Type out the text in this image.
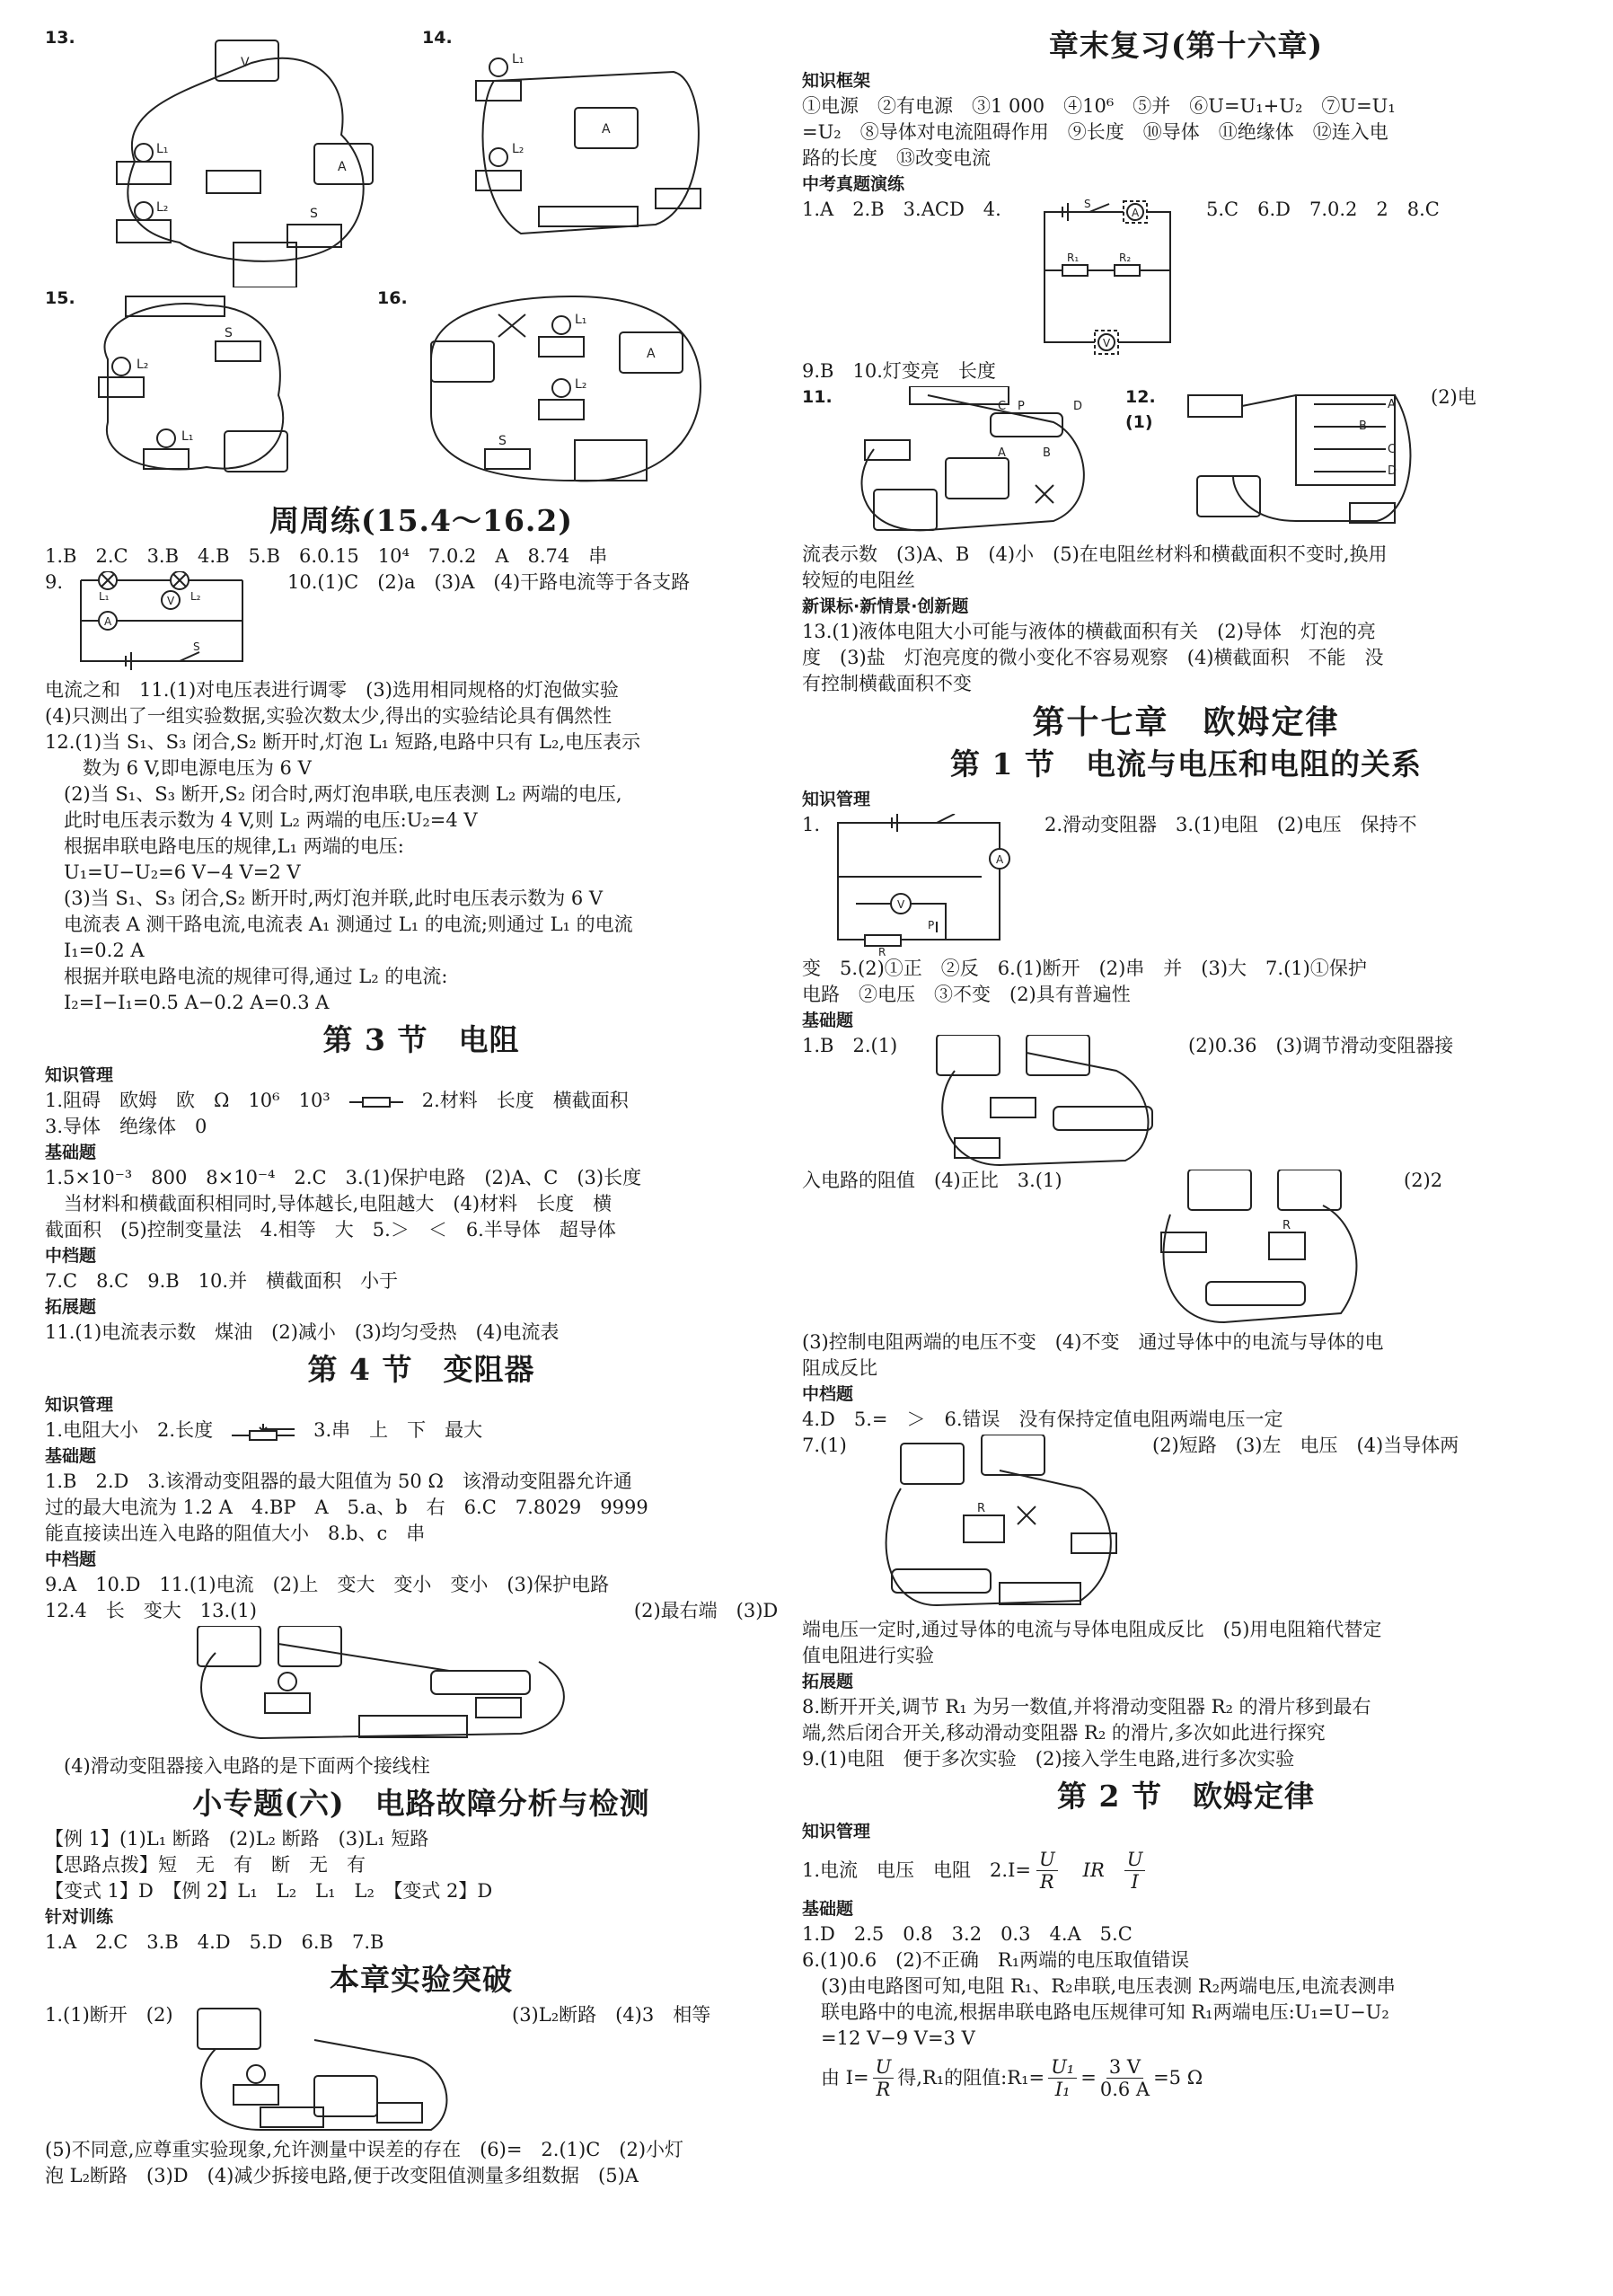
13.
V
A
L₁
L₂	S
14.
L₁
L₂
A
15.
S
L₂
L₁
16.
L₁
L₂
A
S
周周练(15.4～16.2)

1.B　2.C　3.B　4.B　5.B　6.0.15　10⁴　7.0.2　A　8.74　串

9.
A
V
L₁	L₂
S
10.(1)C　(2)a　(3)A　(4)干路电流等于各支路

电流之和　11.(1)对电压表进行调零　(3)选用相同规格的灯泡做实验

(4)只测出了一组实验数据,实验次数太少,得出的实验结论具有偶然性

12.(1)当 S₁、S₃ 闭合,S₂ 断开时,灯泡 L₁ 短路,电路中只有 L₂,电压表示

　　数为 6 V,即电源电压为 6 V

　(2)当 S₁、S₃ 断开,S₂ 闭合时,两灯泡串联,电压表测 L₂ 两端的电压,

　此时电压表示数为 4 V,则 L₂ 两端的电压:U₂=4 V

　根据串联电路电压的规律,L₁ 两端的电压:

　U₁=U−U₂=6 V−4 V=2 V

　(3)当 S₁、S₃ 闭合,S₂ 断开时,两灯泡并联,此时电压表示数为 6 V

　电流表 A 测干路电流,电流表 A₁ 测通过 L₁ 的电流;则通过 L₁ 的电流

　I₁=0.2 A

　根据并联电路电流的规律可得,通过 L₂ 的电流:

　I₂=I−I₁=0.5 A−0.2 A=0.3 A

第 3 节　电阻

知识管理

1.阻碍　欧姆　欧　Ω　10⁶　10³　	　2.材料　长度　横截面积

3.导体　绝缘体　0

基础题

1.5×10⁻³　800　8×10⁻⁴　2.C　3.(1)保护电路　(2)A、C　(3)长度

　当材料和横截面积相同时,导体越长,电阻越大　(4)材料　长度　横

截面积　(5)控制变量法　4.相等　大　5.＞　＜　6.半导体　超导体

中档题

7.C　8.C　9.B　10.并　横截面积　小于

拓展题

11.(1)电流表示数　煤油　(2)减小　(3)均匀受热　(4)电流表

第 4 节　变阻器

知识管理

1.电阻大小　2.长度　	　3.串　上　下　最大

基础题

1.B　2.D　3.该滑动变阻器的最大阻值为 50 Ω　该滑动变阻器允许通

过的最大电流为 1.2 A　4.BP　A　5.a、b　右　6.C　7.8029　9999

能直接读出连入电路的阻值大小　8.b、c　串

中档题

9.A　10.D　11.(1)电流　(2)上　变大　变小　变小　(3)保护电路

12.4　长　变大　13.(1)	(2)最右端　(3)D

　(4)滑动变阻器接入电路的是下面两个接线柱

小专题(六)　电路故障分析与检测

【例 1】(1)L₁ 断路　(2)L₂ 断路　(3)L₁ 短路

【思路点拨】短　无　有　断　无　有

【变式 1】D　【例 2】L₁　L₂　L₁　L₂　【变式 2】D

针对训练

1.A　2.C　3.B　4.D　5.D　6.B　7.B

本章实验突破
1.(1)断开　(2)	(3)L₂断路　(4)3　相等

(5)不同意,应尊重实验现象,允许测量中误差的存在　(6)=　2.(1)C　(2)小灯

泡 L₂断路　(3)D　(4)减少拆接电路,便于改变阻值测量多组数据　(5)A

章末复习(第十六章)

知识框架

①电源　②有电源　③1 000　④10⁶　⑤并　⑥U=U₁+U₂　⑦U=U₁

=U₂　⑧导体对电流阻碍作用　⑨长度　⑩导体　⑪绝缘体　⑫连入电

路的长度　⑬改变电流

中考真题演练

1.A　2.B　3.ACD　4.	S
A
R₁	R₂
V
5.C　6.D　7.0.2　2　8.C

9.B　10.灯变亮　长度

11.	C P	D
A	B
12.(1)
A
B
C
D
(2)电

流表示数　(3)A、B　(4)小　(5)在电阻丝材料和横截面积不变时,换用

较短的电阻丝

新课标·新情景·创新题

13.(1)液体电阻大小可能与液体的横截面积有关　(2)导体　灯泡的亮

度　(3)盐　灯泡亮度的微小变化不容易观察　(4)横截面积　不能　没

有控制横截面积不变

第十七章　欧姆定律
第 1 节　电流与电压和电阻的关系

知识管理

1.
A
V
R
P
2.滑动变阻器　3.(1)电阻　(2)电压　保持不

变　5.(2)①正　②反　6.(1)断开　(2)串　并　(3)大　7.(1)①保护

电路　②电压　③不变　(2)具有普遍性

基础题

1.B　2.(1)	(2)0.36　(3)调节滑动变阻器接
入电路的阻值　(4)正比　3.(1)
R
(2)2

(3)控制电阻两端的电压不变　(4)不变　通过导体中的电流与导体的电

阻成反比

中档题

4.D　5.=　＞　6.错误　没有保持定值电阻两端电压一定

7.(1)
R
(2)短路　(3)左　电压　(4)当导体两

端电压一定时,通过导体的电流与导体电阻成反比　(5)用电阻箱代替定

值电阻进行实验

拓展题

8.断开开关,调节 R₁ 为另一数值,并将滑动变阻器 R₂ 的滑片移到最右

端,然后闭合开关,移动滑动变阻器 R₂ 的滑片,多次如此进行探究

9.(1)电阻　便于多次实验　(2)接入学生电路,进行多次实验

第 2 节　欧姆定律

知识管理

1.电流　电压　电阻　$2.I= \frac{U}{R}$ IR $\frac{U}{I}$

基础题

1.D　2.5　0.8　3.2　0.3　4.A　5.C

6.(1)0.6　(2)不正确　R₁两端的电压取值错误

　(3)由电路图可知,电阻 R₁、R₂串联,电压表测 R₂两端电压,电流表测串

　联电路中的电流,根据串联电路电压规律可知 R₁两端电压:U₁=U−U₂

　=12 V−9 V=3 V

　由 $I= \frac{U}{R}$ 得,R₁的阻值:R₁= $\frac{\text{U₁}}{\text{I₁}} = \frac{3 V}{0.6 A} =5$ Ω
